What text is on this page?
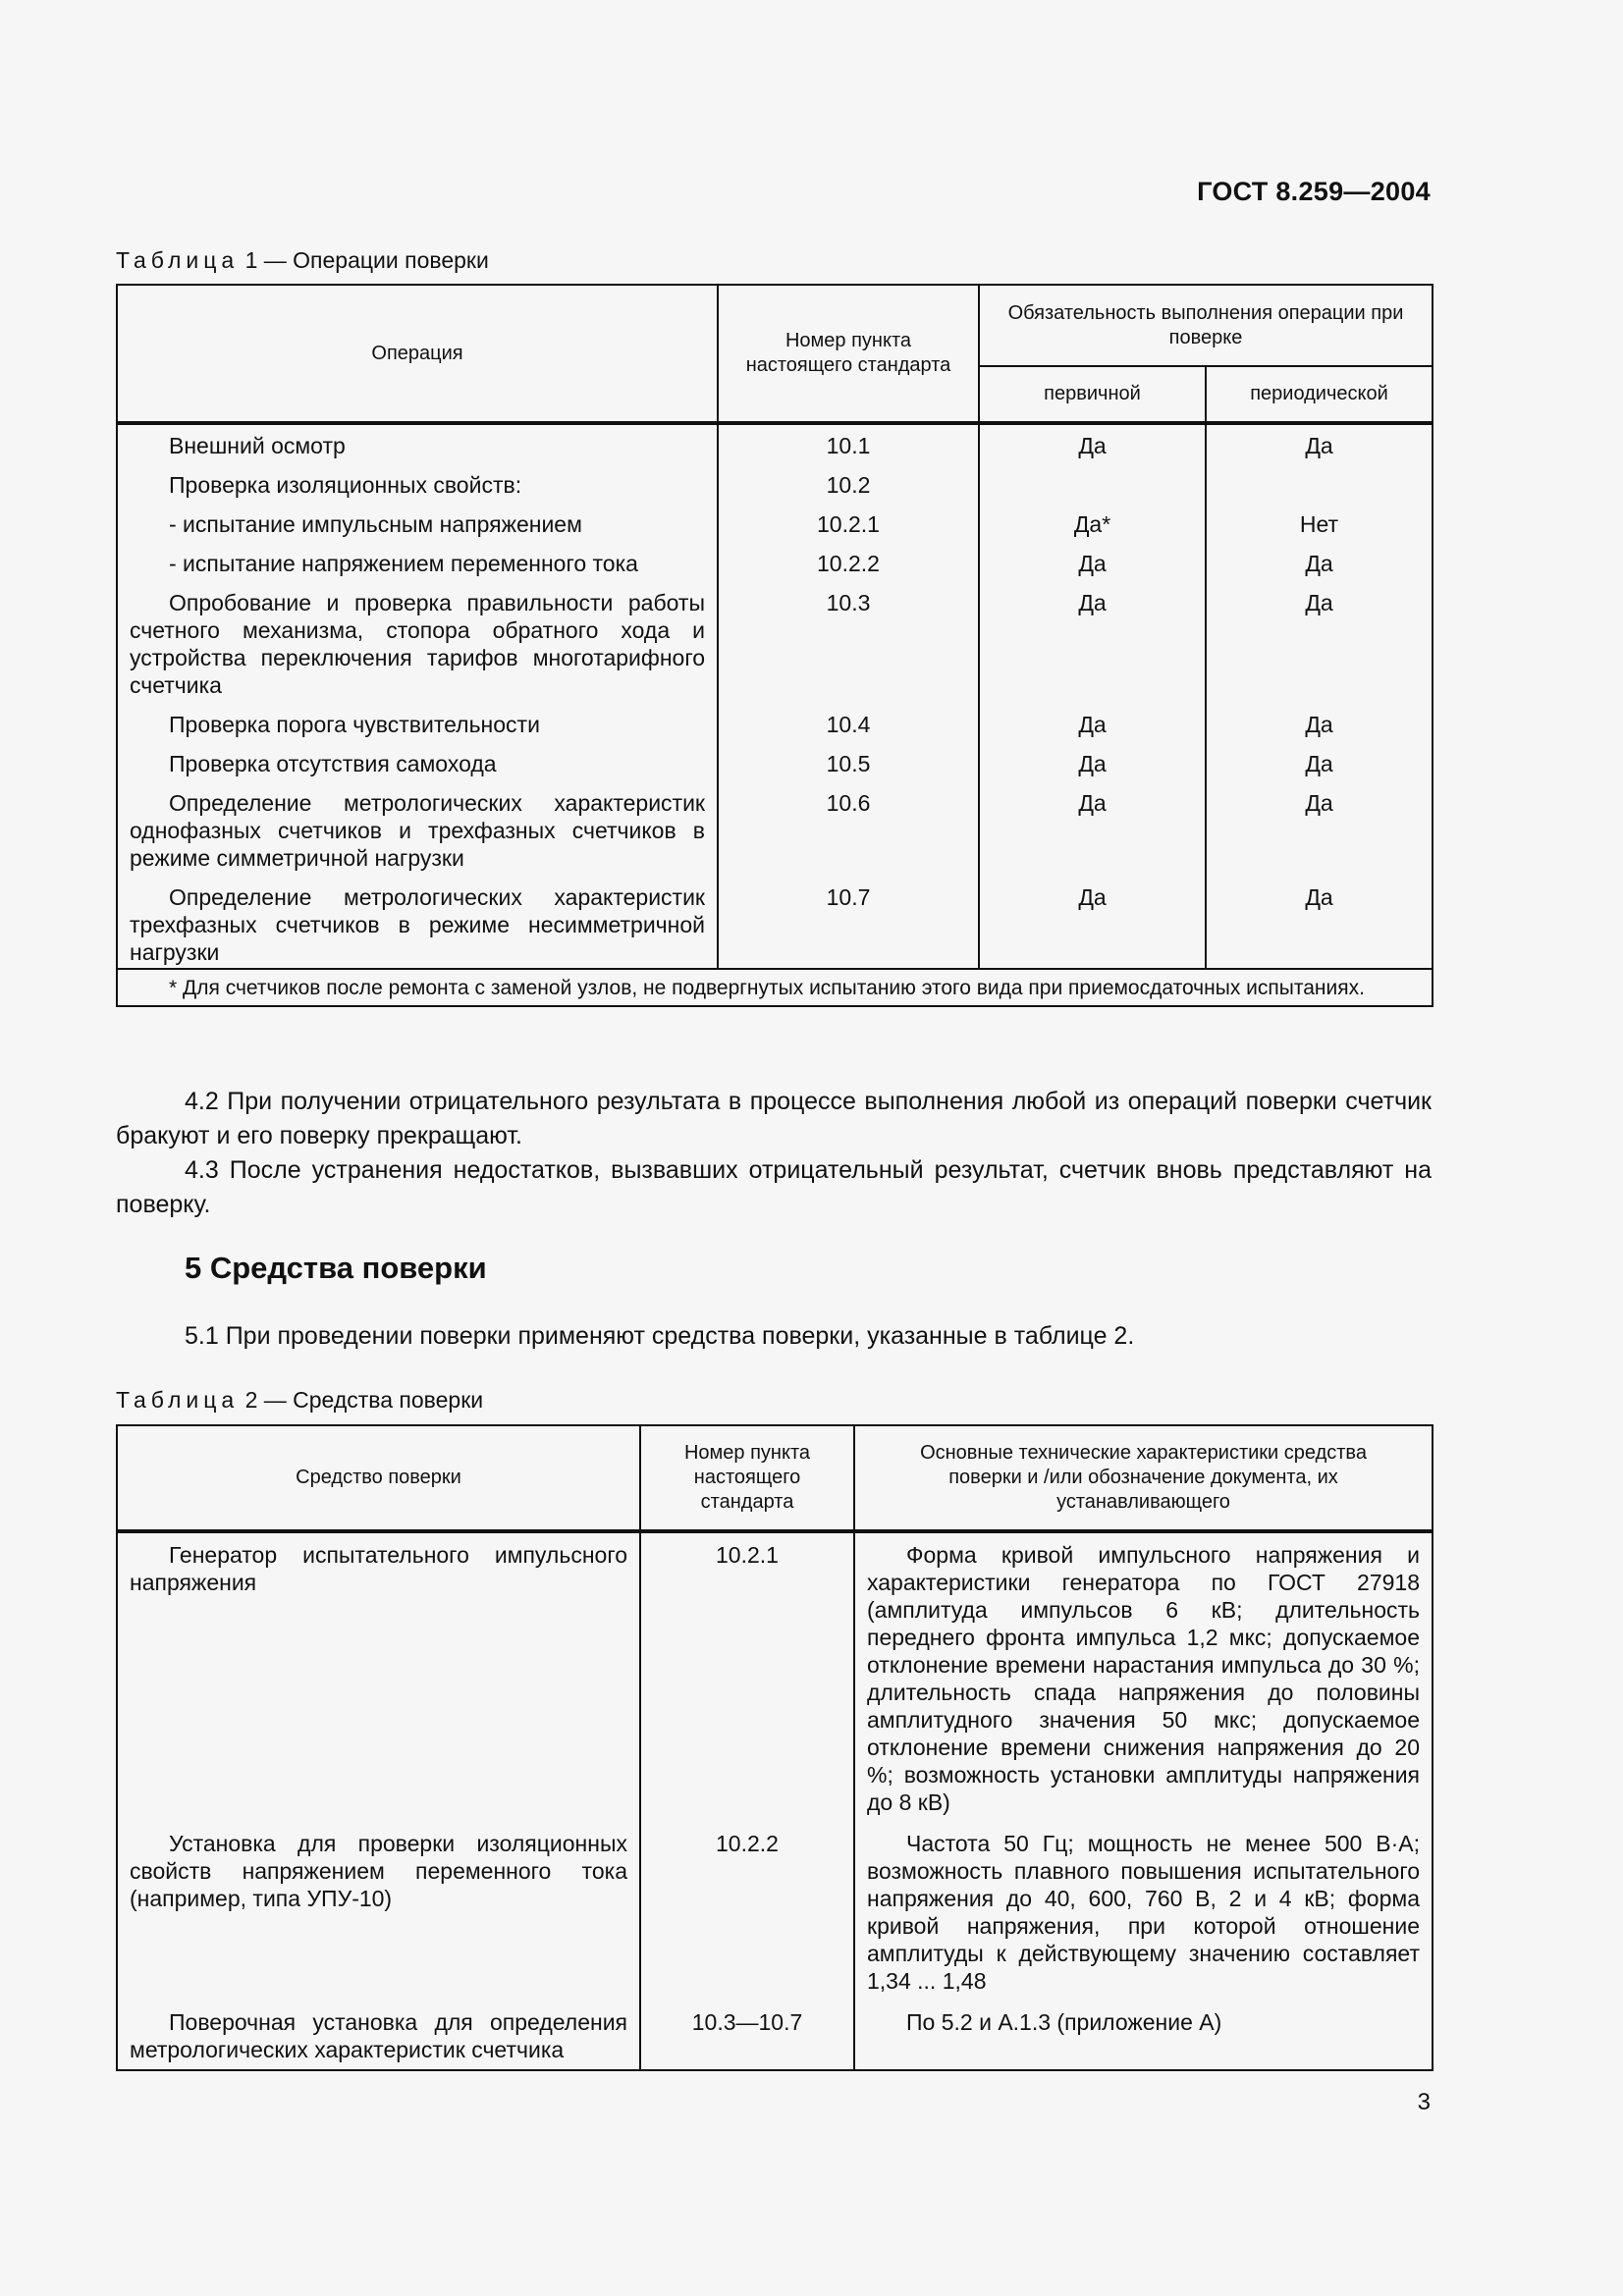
ГОСТ 8.259—2004
Таблица 1 — Операции поверки
Операция	Номер пункта настоящего стандарта	Обязательность выполнения операции при поверке	
		первичной	периодической
Внешний осмотр	10.1	Да	Да
Проверка изоляционных свойств:	10.2		
- испытание импульсным напряжением	10.2.1	Да*	Нет
- испытание напряжением переменного тока	10.2.2	Да	Да
Опробование и проверка правильности работы счетного механизма, стопора обратного хода и устройства переключения тарифов многотарифного счетчика	10.3	Да	Да
Проверка порога чувствительности	10.4	Да	Да
Проверка отсутствия самохода	10.5	Да	Да
Определение метрологических характеристик однофазных счетчиков и трехфазных счетчиков в режиме симметричной нагрузки	10.6	Да	Да
Определение метрологических характеристик трехфазных счетчиков в режиме несимметричной нагрузки	10.7	Да	Да
* Для счетчиков после ремонта с заменой узлов, не подвергнутых испытанию этого вида при приемосдаточных испытаниях.			

4.2 При получении отрицательного результата в процессе выполнения любой из операций поверки счетчик бракуют и его поверку прекращают.

4.3 После устранения недостатков, вызвавших отрицательный результат, счетчик вновь представляют на поверку.

5 Средства поверки

5.1 При проведении поверки применяют средства поверки, указанные в таблице 2.

Таблица 2 — Средства поверки
Средство поверки	Номер пункта настоящего стандарта	Основные технические характеристики средства поверки и /или обозначение документа, их устанавливающего
Генератор испытательного импульсного напряжения	10.2.1	Форма кривой импульсного напряжения и характеристики генератора по ГОСТ 27918 (амплитуда импульсов 6 кВ; длительность переднего фронта импульса 1,2 мкс; допускаемое отклонение времени нарастания импульса до 30 %; длительность спада напряжения до половины амплитудного значения 50 мкс; допускаемое отклонение времени снижения напряжения до 20 %; возможность установки амплитуды напряжения до 8 кВ)
Установка для проверки изоляционных свойств напряжением переменного тока (например, типа УПУ-10)	10.2.2	Частота 50 Гц; мощность не менее 500 В·А; возможность плавного повышения испытательного напряжения до 40, 600, 760 В, 2 и 4 кВ; форма кривой напряжения, при которой отношение амплитуды к действующему значению составляет 1,34 ... 1,48
Поверочная установка для определения метрологических характеристик счетчика	10.3—10.7	По 5.2 и А.1.3 (приложение А)
3
